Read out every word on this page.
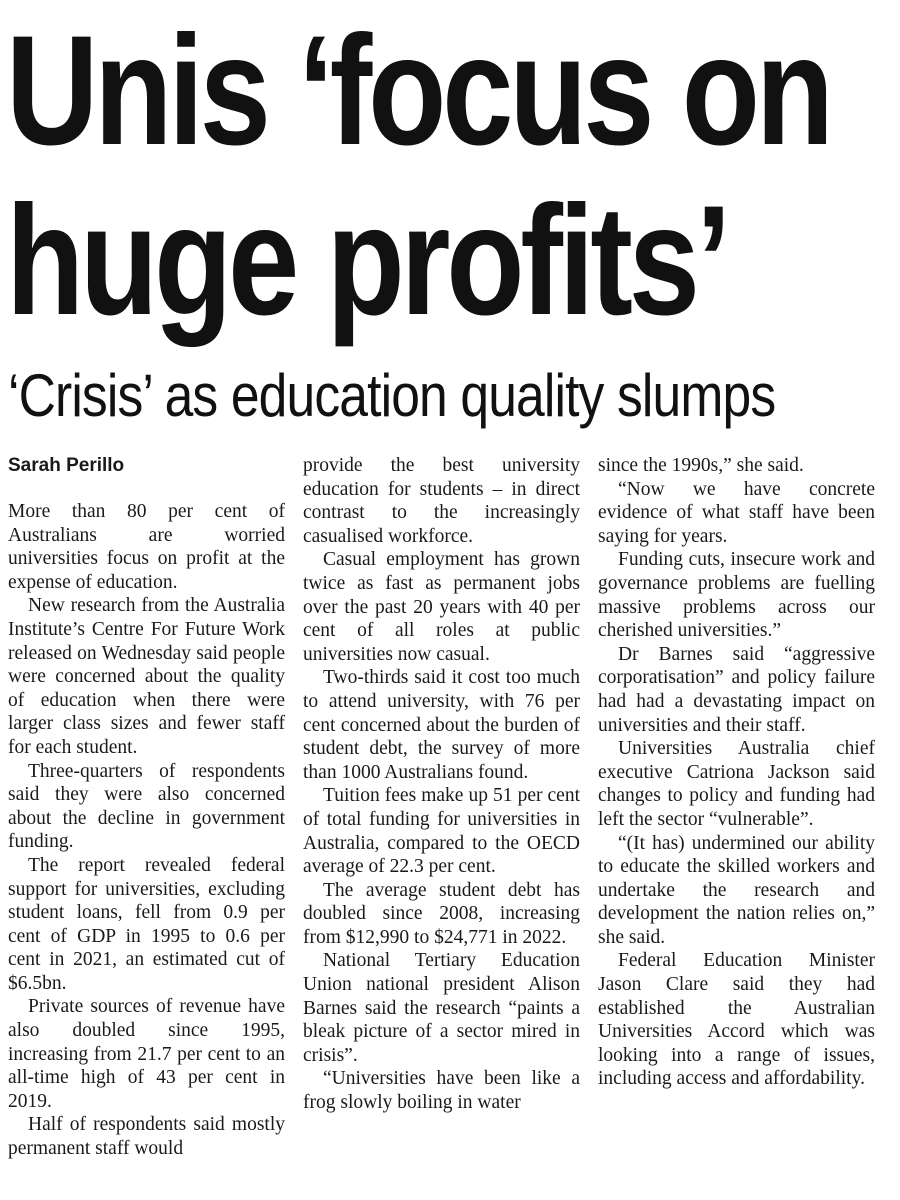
Unis ‘focus on
huge profits’
‘Crisis’ as education quality slumps
Sarah Perillo

More than 80 per cent of Australians are worried universities focus on profit at the expense of education.

New research from the Australia Institute’s Centre For Future Work released on Wednesday said people were concerned about the quality of education when there were larger class sizes and fewer staff for each student.

Three-quarters of respondents said they were also concerned about the decline in government funding.

The report revealed federal support for universities, excluding student loans, fell from 0.9 per cent of GDP in 1995 to 0.6 per cent in 2021, an estimated cut of $6.5bn.

Private sources of revenue have also doubled since 1995, increasing from 21.7 per cent to an all-time high of 43 per cent in 2019.

Half of respondents said mostly permanent staff would

provide the best university education for students – in direct contrast to the increasingly casualised workforce.

Casual employment has grown twice as fast as permanent jobs over the past 20 years with 40 per cent of all roles at public universities now casual.

Two-thirds said it cost too much to attend university, with 76 per cent concerned about the burden of student debt, the survey of more than 1000 Australians found.

Tuition fees make up 51 per cent of total funding for universities in Australia, compared to the OECD average of 22.3 per cent.

The average student debt has doubled since 2008, increasing from $12,990 to $24,771 in 2022.

National Tertiary Education Union national president Alison Barnes said the research “paints a bleak picture of a sector mired in crisis”.

“Universities have been like a frog slowly boiling in water

since the 1990s,” she said.

“Now we have concrete evidence of what staff have been saying for years.

Funding cuts, insecure work and governance problems are fuelling massive problems across our cherished universities.”

Dr Barnes said “aggressive corporatisation” and policy failure had had a devastating impact on universities and their staff.

Universities Australia chief executive Catriona Jackson said changes to policy and funding had left the sector “vulnerable”.

“(It has) undermined our ability to educate the skilled workers and undertake the research and development the nation relies on,” she said.

Federal Education Minister Jason Clare said they had established the Australian Universities Accord which was looking into a range of issues, including access and affordability.
